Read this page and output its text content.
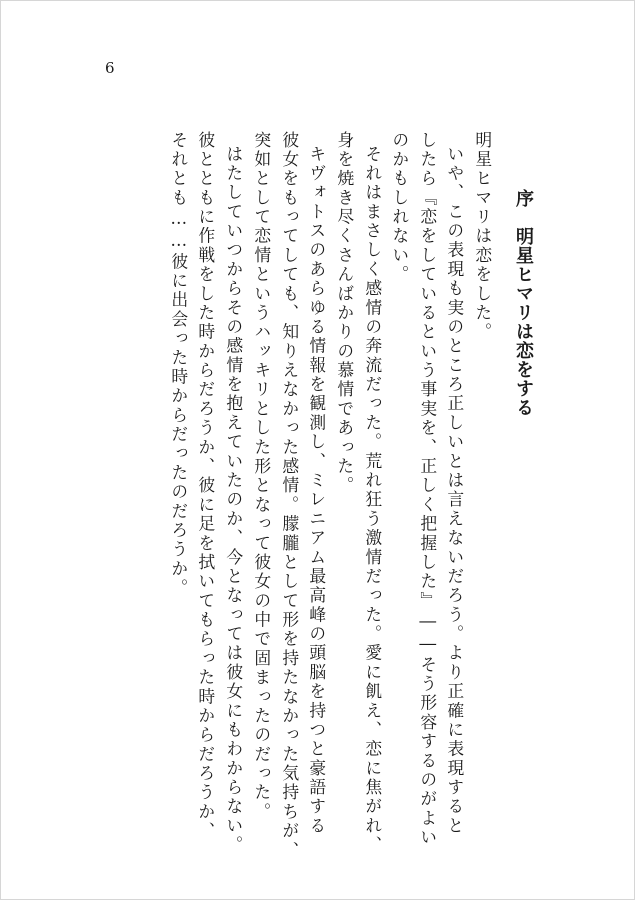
6
序　明星ヒマリは恋をする
明星ヒマリは恋をした。
いや、この表現も実のところ正しいとは言えないだろう。より正確に表現すると
したら『恋をしているという事実を、正しく把握した』――そう形容するのがよい
のかもしれない。
それはまさしく感情の奔流だった。荒れ狂う激情だった。愛に飢え、恋に焦がれ、
身を焼き尽くさんばかりの慕情であった。
キヴォトスのあらゆる情報を観測し、ミレニアム最高峰の頭脳を持つと豪語する
彼女をもってしても、知りえなかった感情。朦朧として形を持たなかった気持ちが、
突如として恋情というハッキリとした形となって彼女の中で固まったのだった。
はたしていつからその感情を抱えていたのか、今となっては彼女にもわからない。
彼とともに作戦をした時からだろうか、彼に足を拭いてもらった時からだろうか、
それとも……彼に出会った時からだったのだろうか。
